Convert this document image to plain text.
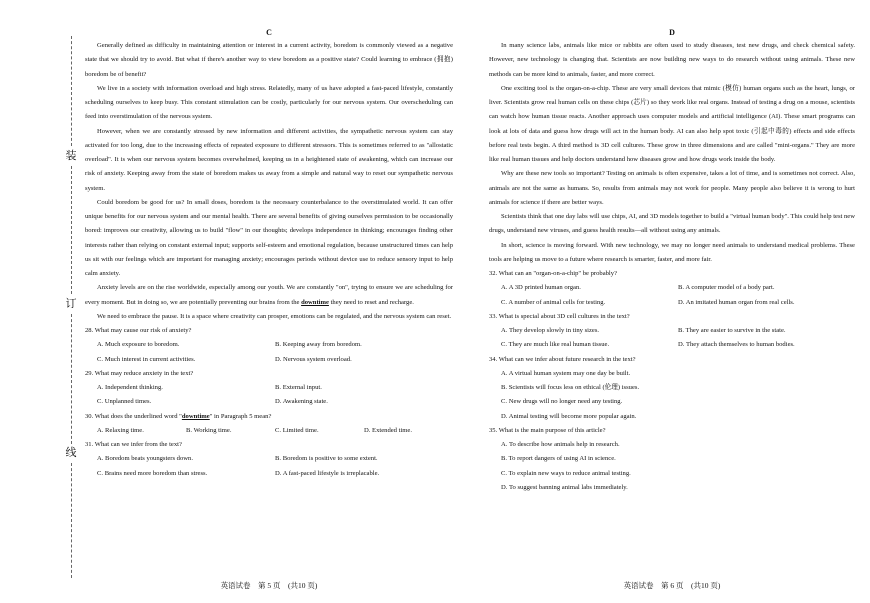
装
订
线
C

Generally defined as difficulty in maintaining attention or interest in a current activity, boredom is commonly viewed as a negative state that we should try to avoid. But what if there's another way to view boredom as a positive state? Could learning to embrace (拥抱) boredom be of benefit?

We live in a society with information overload and high stress. Relatedly, many of us have adopted a fast-paced lifestyle, constantly scheduling ourselves to keep busy. This constant stimulation can be costly, particularly for our nervous system. Our overscheduling can feed into overstimulation of the nervous system.

However, when we are constantly stressed by new information and different activities, the sympathetic nervous system can stay activated for too long, due to the increasing effects of repeated exposure to different stressors. This is sometimes referred to as "allostatic overload". It is when our nervous system becomes overwhelmed, keeping us in a heightened state of awakening, which can increase our risk of anxiety. Keeping away from the state of boredom makes us away from a simple and natural way to reset our sympathetic nervous system.

Could boredom be good for us? In small doses, boredom is the necessary counterbalance to the overstimulated world. It can offer unique benefits for our nervous system and our mental health. There are several benefits of giving ourselves permission to be occasionally bored: improves our creativity, allowing us to build "flow" in our thoughts; develops independence in thinking; encourages finding other interests rather than relying on constant external input; supports self-esteem and emotional regulation, because unstructured times can help us sit with our feelings which are important for managing anxiety; encourages periods without device use to reduce sensory input to help calm anxiety.

Anxiety levels are on the rise worldwide, especially among our youth. We are constantly "on", trying to ensure we are scheduling for every moment. But in doing so, we are potentially preventing our brains from the downtime they need to reset and recharge.

We need to embrace the pause. It is a space where creativity can prosper, emotions can be regulated, and the nervous system can reset.

28. What may cause our risk of anxiety?
A. Much exposure to boredom.	B. Keeping away from boredom.
C. Much interest in current activities.	D. Nervous system overload.
29. What may reduce anxiety in the text?
A. Independent thinking.	B. External input.
C. Unplanned times.	D. Awakening state.
30. What does the underlined word "downtime" in Paragraph 5 mean?
A. Relaxing time.	B. Working time.	C. Limited time.	D. Extended time.
31. What can we infer from the text?
A. Boredom beats youngsters down.	B. Boredom is positive to some extent.
C. Brains need more boredom than stress.	D. A fast-paced lifestyle is irreplacable.
D

In many science labs, animals like mice or rabbits are often used to study diseases, test new drugs, and check chemical safety. However, new technology is changing that. Scientists are now building new ways to do research without using animals. These new methods can be more kind to animals, faster, and more correct.

One exciting tool is the organ-on-a-chip. These are very small devices that mimic (模仿) human organs such as the heart, lungs, or liver. Scientists grow real human cells on these chips (芯片) so they work like real organs. Instead of testing a drug on a mouse, scientists can watch how human tissue reacts. Another approach uses computer models and artificial intelligence (AI). These smart programs can look at lots of data and guess how drugs will act in the human body. AI can also help spot toxic (引起中毒的) effects and side effects before real tests begin. A third method is 3D cell cultures. These grow in three dimensions and are called "mini-organs." They are more like real human tissues and help doctors understand how diseases grow and how drugs work inside the body.

Why are these new tools so important? Testing on animals is often expensive, takes a lot of time, and is sometimes not correct. Also, animals are not the same as humans. So, results from animals may not work for people. Many people also believe it is wrong to hurt animals for science if there are better ways.

Scientists think that one day labs will use chips, AI, and 3D models together to build a "virtual human body". This could help test new drugs, understand new viruses, and guess health results—all without using any animals.

In short, science is moving forward. With new technology, we may no longer need animals to understand medical problems. These tools are helping us move to a future where research is smarter, faster, and more fair.

32. What can an "organ-on-a-chip" be probably?
A. A 3D printed human organ.	B. A computer model of a body part.
C. A number of animal cells for testing.	D. An imitated human organ from real cells.
33. What is special about 3D cell cultures in the text?
A. They develop slowly in tiny sizes.	B. They are easier to survive in the state.
C. They are much like real human tissue.	D. They attach themselves to human bodies.
34. What can we infer about future research in the text?
A. A virtual human system may one day be built.
B. Scientists will focus less on ethical (伦理) issues.
C. New drugs will no longer need any testing.
D. Animal testing will become more popular again.
35. What is the main purpose of this article?
A. To describe how animals help in research.
B. To report dangers of using AI in science.
C. To explain new ways to reduce animal testing.
D. To suggest banning animal labs immediately.
英语试卷　第 5 页　(共10 页)	英语试卷　第 6 页　(共10 页)
